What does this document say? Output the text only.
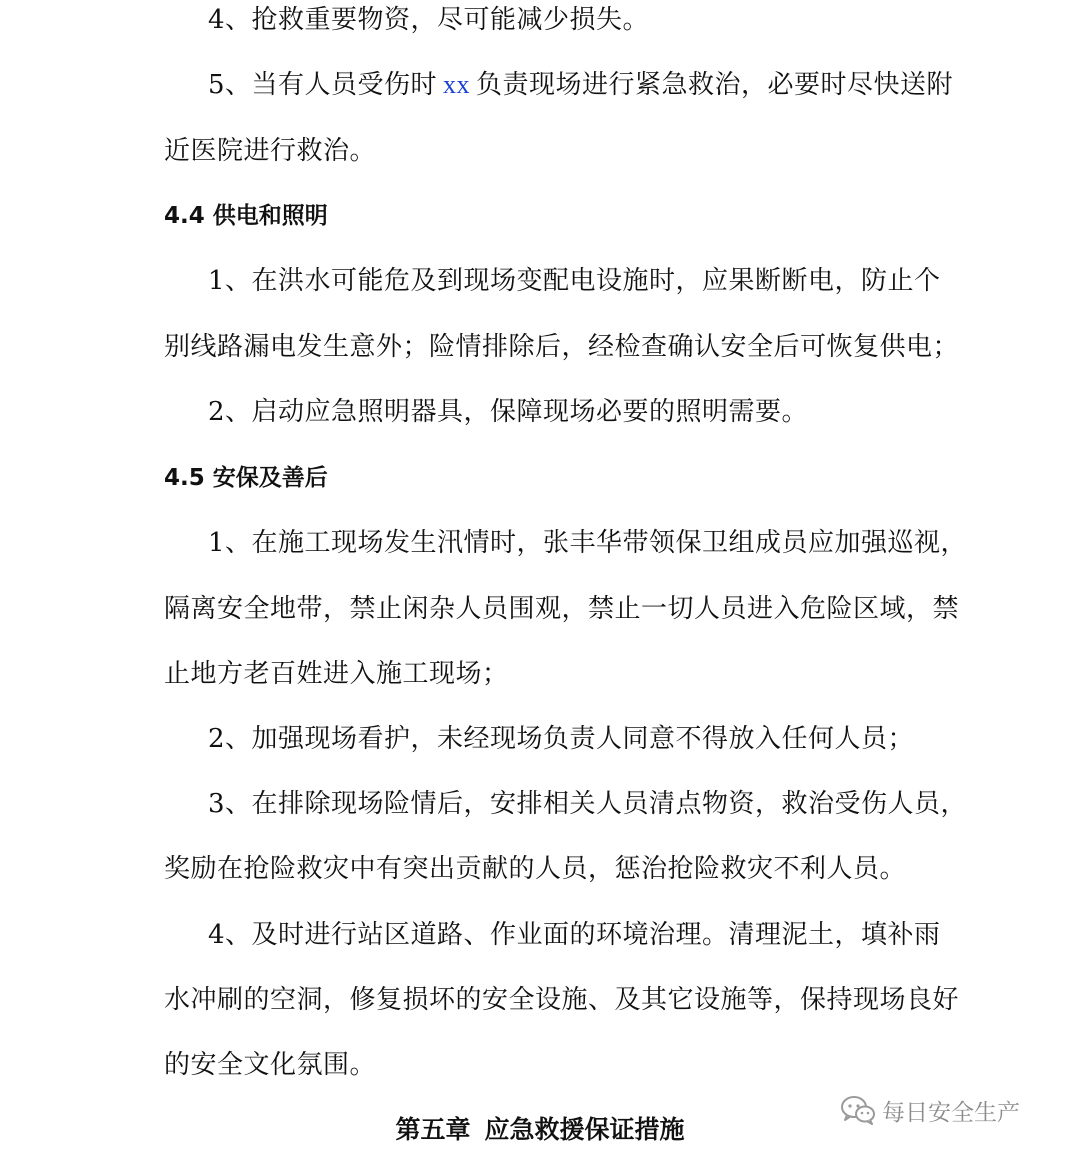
4、抢救重要物资，尽可能减少损失。
5、当有人员受伤时 xx 负责现场进行紧急救治，必要时尽快送附
近医院进行救治。
4.4 供电和照明
1、在洪水可能危及到现场变配电设施时，应果断断电，防止个
别线路漏电发生意外；险情排除后，经检查确认安全后可恢复供电；
2、启动应急照明器具，保障现场必要的照明需要。
4.5 安保及善后
1、在施工现场发生汛情时，张丰华带领保卫组成员应加强巡视，
隔离安全地带，禁止闲杂人员围观，禁止一切人员进入危险区域，禁
止地方老百姓进入施工现场；
2、加强现场看护，未经现场负责人同意不得放入任何人员；
3、在排除现场险情后，安排相关人员清点物资，救治受伤人员，
奖励在抢险救灾中有突出贡献的人员，惩治抢险救灾不利人员。
4、及时进行站区道路、作业面的环境治理。清理泥土，填补雨
水冲刷的空洞，修复损坏的安全设施、及其它设施等，保持现场良好
的安全文化氛围。
第五章 应急救援保证措施
每日安全生产
